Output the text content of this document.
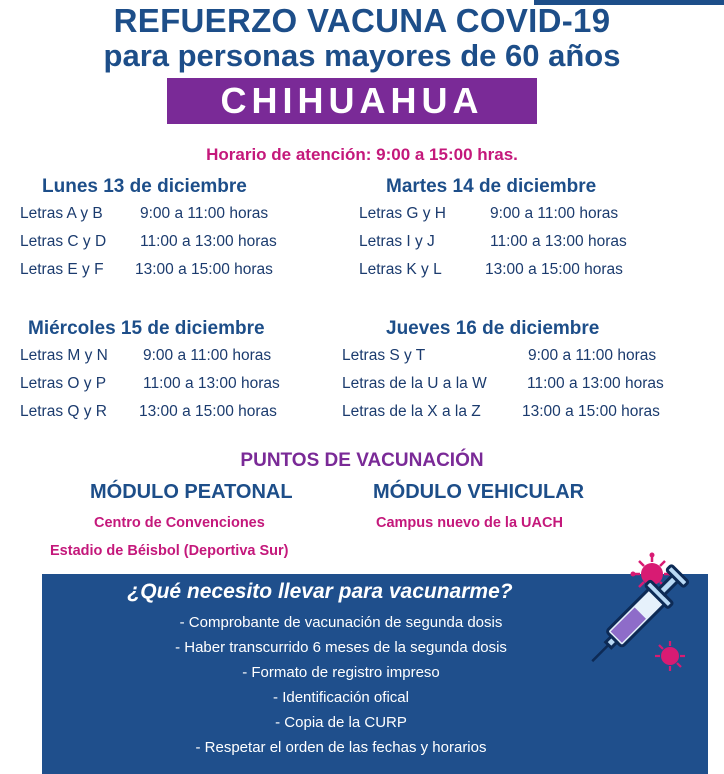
REFUERZO VACUNA COVID-19
para personas mayores de 60 años
CHIHUAHUA
Horario de atención: 9:00 a 15:00 hras.
Lunes 13 de diciembre
Letras A y B 9:00 a 11:00 horas
Letras C y D 11:00 a 13:00 horas
Letras E y F 13:00 a 15:00 horas
Martes 14 de diciembre
Letras G y H	9:00 a 11:00 horas
Letras I y J	11:00 a 13:00 horas
Letras K y L	13:00 a 15:00 horas
Miércoles 15 de diciembre
Letras M y N 9:00 a 11:00 horas
Letras O y P 11:00 a 13:00 horas
Letras Q y R 13:00 a 15:00 horas
Jueves 16 de diciembre
Letras S y T	9:00 a 11:00 horas
Letras de la U a la W	11:00 a 13:00 horas
Letras de la X a la Z	13:00 a 15:00 horas
PUNTOS DE VACUNACIÓN
MÓDULO PEATONAL	MÓDULO VEHICULAR
Centro de Convenciones
Estadio de Béisbol (Deportiva Sur)
Campus nuevo de la UACH
¿Qué necesito llevar para vacunarme?
- Comprobante de vacunación de segunda dosis
- Haber transcurrido 6 meses de la segunda dosis
- Formato de registro impreso
- Identificación ofical
- Copia de la CURP
- Respetar el orden de las fechas y horarios
